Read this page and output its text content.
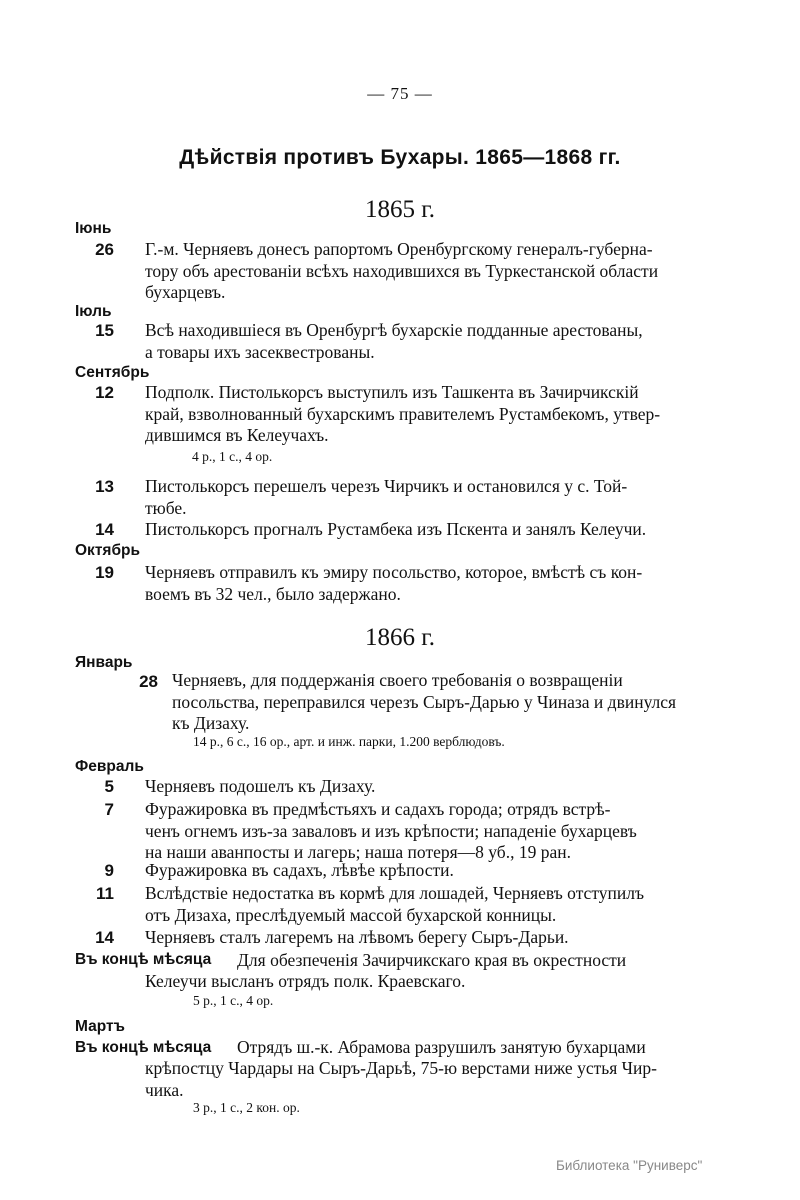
— 75 —
Дѣйствія противъ Бухары. 1865—1868 гг.
1865 г.
Іюнь
26 Г.-м. Черняевъ донесъ рапортомъ Оренбургскому генералъ-губерна-
тору объ арестованіи всѣхъ находившихся въ Туркестанской области
бухарцевъ.
Іюль
15 Всѣ находившіеся въ Оренбургѣ бухарскіе подданные арестованы,
а товары ихъ засеквестрованы.
Сентябрь
12 Подполк. Пистолькорсъ выступилъ изъ Ташкента въ Зачирчикскій
край, взволнованный бухарскимъ правителемъ Рустамбекомъ, утвер-
дившимся въ Келеучахъ.
4 р., 1 с., 4 ор.
13 Пистолькорсъ перешелъ черезъ Чирчикъ и остановился у с. Той-
тюбе.
14 Пистолькорсъ прогналъ Рустамбека изъ Пскента и занялъ Келеучи.
Октябрь
19 Черняевъ отправилъ къ эмиру посольство, которое, вмѣстѣ съ кон-
воемъ въ 32 чел., было задержано.
1866 г.
Январь
28 Черняевъ, для поддержанія своего требованія о возвращеніи
посольства, переправился черезъ Сыръ-Дарью у Чиназа и двинулся
къ Дизаху.
14 р., 6 с., 16 ор., арт. и инж. парки, 1.200 верблюдовъ.
Февраль
5 Черняевъ подошелъ къ Дизаху.
7 Фуражировка въ предмѣстьяхъ и садахъ города; отрядъ встрѣ-
ченъ огнемъ изъ-за заваловъ и изъ крѣпости; нападеніе бухарцевъ
на наши аванпосты и лагерь; наша потеря—8 уб., 19 ран.
9 Фуражировка въ садахъ, лѣвѣе крѣпости.
11 Вслѣдствіе недостатка въ кормѣ для лошадей, Черняевъ отступилъ
отъ Дизаха, преслѣдуемый массой бухарской конницы.
14 Черняевъ сталъ лагеремъ на лѣвомъ берегу Сыръ-Дарьи.
Въ концѣ мѣсяца Для обезпеченія Зачирчикскаго края въ окрестности
Келеучи высланъ отрядъ полк. Краевскаго.
5 р., 1 с., 4 ор.
Мартъ
Въ концѣ мѣсяца Отрядъ ш.-к. Абрамова разрушилъ занятую бухарцами
крѣпостцу Чардары на Сыръ-Дарьѣ, 75-ю верстами ниже устья Чир-
чика.
3 р., 1 с., 2 кон. ор.
Библиотека "Руниверс"
